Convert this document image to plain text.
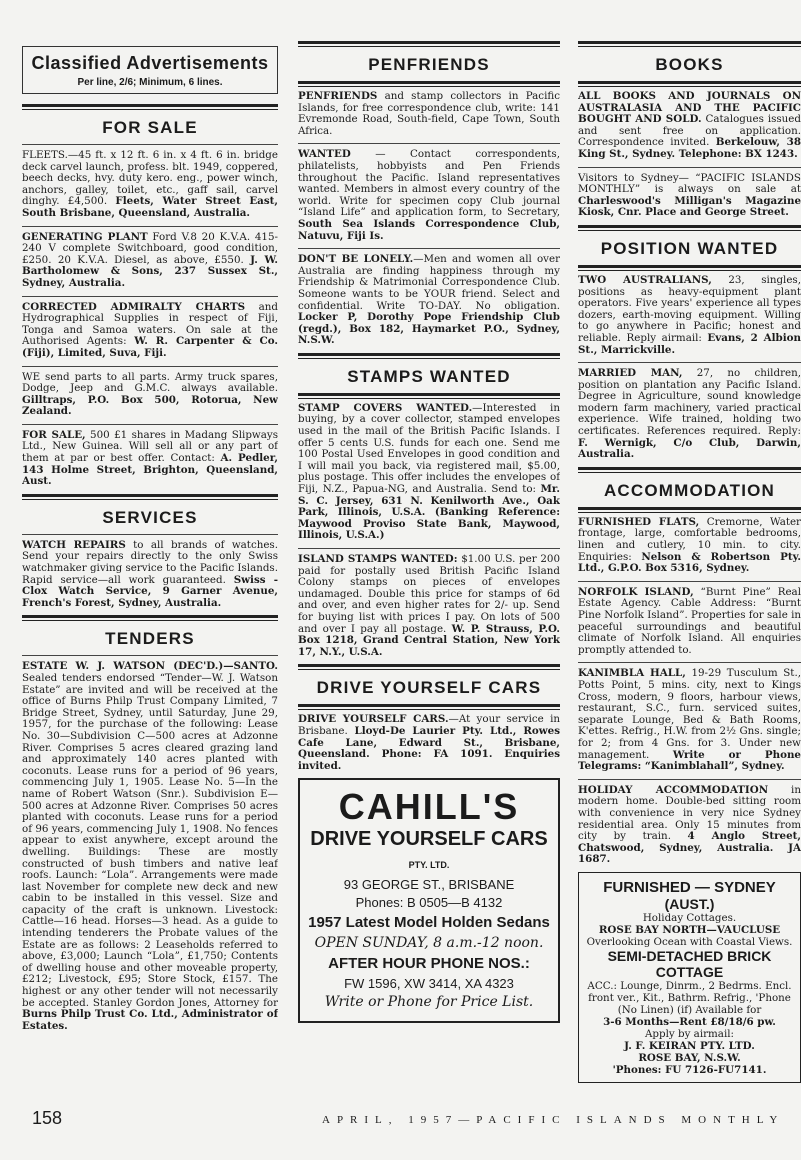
Classified Advertisements
Per line, 2/6; Minimum, 6 lines.
FOR SALE
FLEETS.—45 ft. x 12 ft. 6 in. x 4 ft. 6 in. bridge deck carvel launch, profess. blt. 1949, coppered, beech decks, hvy. duty kero. eng., power winch, anchors, galley, toilet, etc., gaff sail, carvel dinghy. £4,500. Fleets, Water Street East, South Brisbane, Queensland, Australia.
GENERATING PLANT Ford V.8 20 K.V.A. 415-240 V complete Switchboard, good condition, £250. 20 K.V.A. Diesel, as above, £550. J. W. Bartholomew & Sons, 237 Sussex St., Sydney, Australia.
CORRECTED ADMIRALTY CHARTS and Hydrographical Supplies in respect of Fiji, Tonga and Samoa waters. On sale at the Authorised Agents: W. R. Carpenter & Co. (Fiji), Limited, Suva, Fiji.
WE send parts to all parts. Army truck spares, Dodge, Jeep and G.M.C. always available. Gilltraps, P.O. Box 500, Rotorua, New Zealand.
FOR SALE, 500 £1 shares in Madang Slipways Ltd., New Guinea. Will sell all or any part of them at par or best offer. Contact: A. Pedler, 143 Holme Street, Brighton, Queensland, Aust.
SERVICES
WATCH REPAIRS to all brands of watches. Send your repairs directly to the only Swiss watchmaker giving service to the Pacific Islands. Rapid service—all work guaranteed. Swiss - Clox Watch Service, 9 Garner Avenue, French's Forest, Sydney, Australia.
TENDERS
ESTATE W. J. WATSON (DEC'D.)—SANTO. Sealed tenders endorsed “Tender—W. J. Watson Estate” are invited and will be received at the office of Burns Philp Trust Company Limited, 7 Bridge Street, Sydney, until Saturday, June 29, 1957, for the purchase of the following: Lease No. 30—Subdivision C—500 acres at Adzonne River. Comprises 5 acres cleared grazing land and approximately 140 acres planted with coconuts. Lease runs for a period of 96 years, commencing July 1, 1905. Lease No. 5—In the name of Robert Watson (Snr.). Subdivision E—500 acres at Adzonne River. Comprises 50 acres planted with coconuts. Lease runs for a period of 96 years, commencing July 1, 1908. No fences appear to exist anywhere, except around the dwelling. Buildings: These are mostly constructed of bush timbers and native leaf roofs. Launch: “Lola”. Arrangements were made last November for complete new deck and new cabin to be installed in this vessel. Size and capacity of the craft is unknown. Livestock: Cattle—16 head. Horses—3 head. As a guide to intending tenderers the Probate values of the Estate are as follows: 2 Leaseholds referred to above, £3,000; Launch “Lola”, £1,750; Contents of dwelling house and other moveable property, £212; Livestock, £95; Store Stock, £157. The highest or any other tender will not necessarily be accepted. Stanley Gordon Jones, Attorney for Burns Philp Trust Co. Ltd., Administrator of Estates.
PENFRIENDS
PENFRIENDS and stamp collectors in Pacific Islands, for free correspondence club, write: 141 Evremonde Road, South-field, Cape Town, South Africa.
WANTED — Contact correspondents, philatelists, hobbyists and Pen Friends throughout the Pacific. Island representatives wanted. Members in almost every country of the world. Write for specimen copy Club journal “Island Life” and application form, to Secretary, South Sea Islands Correspondence Club, Natuvu, Fiji Is.
DON'T BE LONELY.—Men and women all over Australia are finding happiness through my Friendship & Matrimonial Correspondence Club. Someone wants to be YOUR friend. Select and confidential. Write TO-DAY. No obligation. Locker P, Dorothy Pope Friendship Club (regd.), Box 182, Haymarket P.O., Sydney, N.S.W.
STAMPS WANTED
STAMP COVERS WANTED.—Interested in buying, by a cover collector, stamped envelopes used in the mail of the British Pacific Islands. I offer 5 cents U.S. funds for each one. Send me 100 Postal Used Envelopes in good condition and I will mail you back, via registered mail, $5.00, plus postage. This offer includes the envelopes of Fiji, N.Z., Papua-NG, and Australia. Send to: Mr. S. C. Jersey, 631 N. Kenilworth Ave., Oak Park, Illinois, U.S.A. (Banking Reference: Maywood Proviso State Bank, Maywood, Illinois, U.S.A.)
ISLAND STAMPS WANTED: $1.00 U.S. per 200 paid for postally used British Pacific Island Colony stamps on pieces of envelopes undamaged. Double this price for stamps of 6d and over, and even higher rates for 2/- up. Send for buying list with prices I pay. On lots of 500 and over I pay all postage. W. P. Strauss, P.O. Box 1218, Grand Central Station, New York 17, N.Y., U.S.A.
DRIVE YOURSELF CARS
DRIVE YOURSELF CARS.—At your service in Brisbane. Lloyd-De Laurier Pty. Ltd., Rowes Cafe Lane, Edward St., Brisbane, Queensland. Phone: FA 1091. Enquiries invited.
CAHILL'S
DRIVE YOURSELF CARS PTY. LTD.
93 GEORGE ST., BRISBANE
Phones: B 0505—B 4132
1957 Latest Model Holden Sedans
OPEN SUNDAY, 8 a.m.-12 noon.
AFTER HOUR PHONE NOS.:
FW 1596, XW 3414, XA 4323
Write or Phone for Price List.
BOOKS
ALL BOOKS AND JOURNALS ON AUSTRALASIA AND THE PACIFIC BOUGHT AND SOLD. Catalogues issued and sent free on application. Correspondence invited. Berkelouw, 38 King St., Sydney. Telephone: BX 1243.
Visitors to Sydney— “PACIFIC ISLANDS MONTHLY” is always on sale at Charleswood's Milligan's Magazine Kiosk, Cnr. Place and George Street.
POSITION WANTED
TWO AUSTRALIANS, 23, singles, positions as heavy-equipment plant operators. Five years' experience all types dozers, earth-moving equipment. Willing to go anywhere in Pacific; honest and reliable. Reply airmail: Evans, 2 Albion St., Marrickville.
MARRIED MAN, 27, no children, position on plantation any Pacific Island. Degree in Agriculture, sound knowledge modern farm machinery, varied practical experience. Wife trained, holding two certificates. References required. Reply: F. Wernigk, C/o Club, Darwin, Australia.
ACCOMMODATION
FURNISHED FLATS, Cremorne, Water frontage, large, comfortable bedrooms, linen and cutlery, 10 min. to city. Enquiries: Nelson & Robertson Pty. Ltd., G.P.O. Box 5316, Sydney.
NORFOLK ISLAND, “Burnt Pine” Real Estate Agency. Cable Address: “Burnt Pine Norfolk Island”. Properties for sale in peaceful surroundings and beautiful climate of Norfolk Island. All enquiries promptly attended to.
KANIMBLA HALL, 19-29 Tusculum St., Potts Point, 5 mins. city, next to Kings Cross, modern, 9 floors, harbour views, restaurant, S.C., furn. serviced suites, separate Lounge, Bed & Bath Rooms, K'ettes. Refrig., H.W. from 2½ Gns. single; for 2; from 4 Gns. for 3. Under new management. Write or Phone Telegrams: “Kanimblahall”, Sydney.
HOLIDAY ACCOMMODATION in modern home. Double-bed sitting room with convenience in very nice Sydney residential area. Only 15 minutes from city by train. 4 Anglo Street, Chatswood, Sydney, Australia. JA 1687.
FURNISHED — SYDNEY
(AUST.)
Holiday Cottages.
ROSE BAY NORTH—VAUCLUSE
Overlooking Ocean with Coastal Views.
SEMI-DETACHED BRICK COTTAGE
ACC.: Lounge, Dinrm., 2 Bedrms. Encl. front ver., Kit., Bathrm. Refrig., 'Phone (No Linen) (if) Available for
3-6 Months—Rent £8/18/6 pw.
Apply by airmail:
J. F. KEIRAN PTY. LTD.
ROSE BAY, N.S.W.
'Phones: FU 7126-FU7141.
158	APRIL, 1957—PACIFIC ISLANDS MONTHLY
